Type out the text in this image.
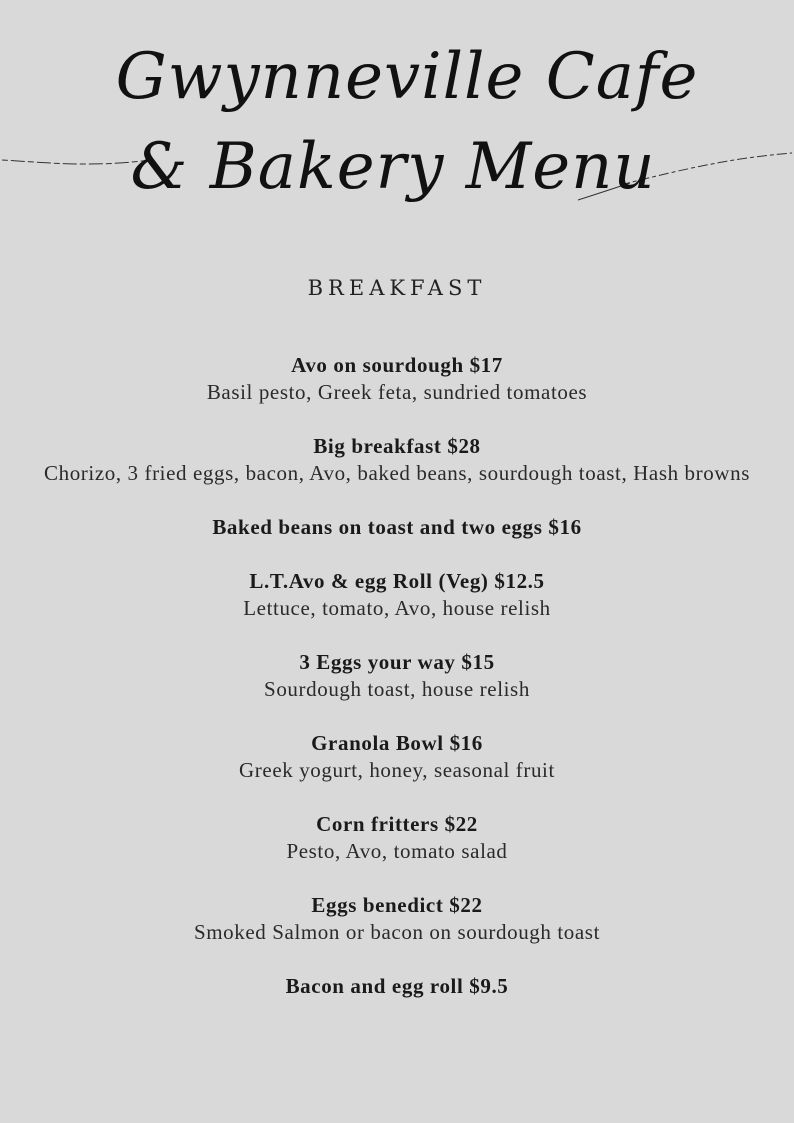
Gwynneville Cafe
& Bakery Menu
BREAKFAST
Avo on sourdough $17
Basil pesto, Greek feta, sundried tomatoes
Big breakfast $28
Chorizo, 3 fried eggs, bacon, Avo, baked beans, sourdough toast, Hash browns
Baked beans on toast and two eggs $16
L.T.Avo & egg Roll (Veg) $12.5
Lettuce, tomato, Avo, house relish
3 Eggs your way $15
Sourdough toast, house relish
Granola Bowl $16
Greek yogurt, honey, seasonal fruit
Corn fritters $22
Pesto, Avo, tomato salad
Eggs benedict $22
Smoked Salmon or bacon on sourdough toast
Bacon and egg roll $9.5
